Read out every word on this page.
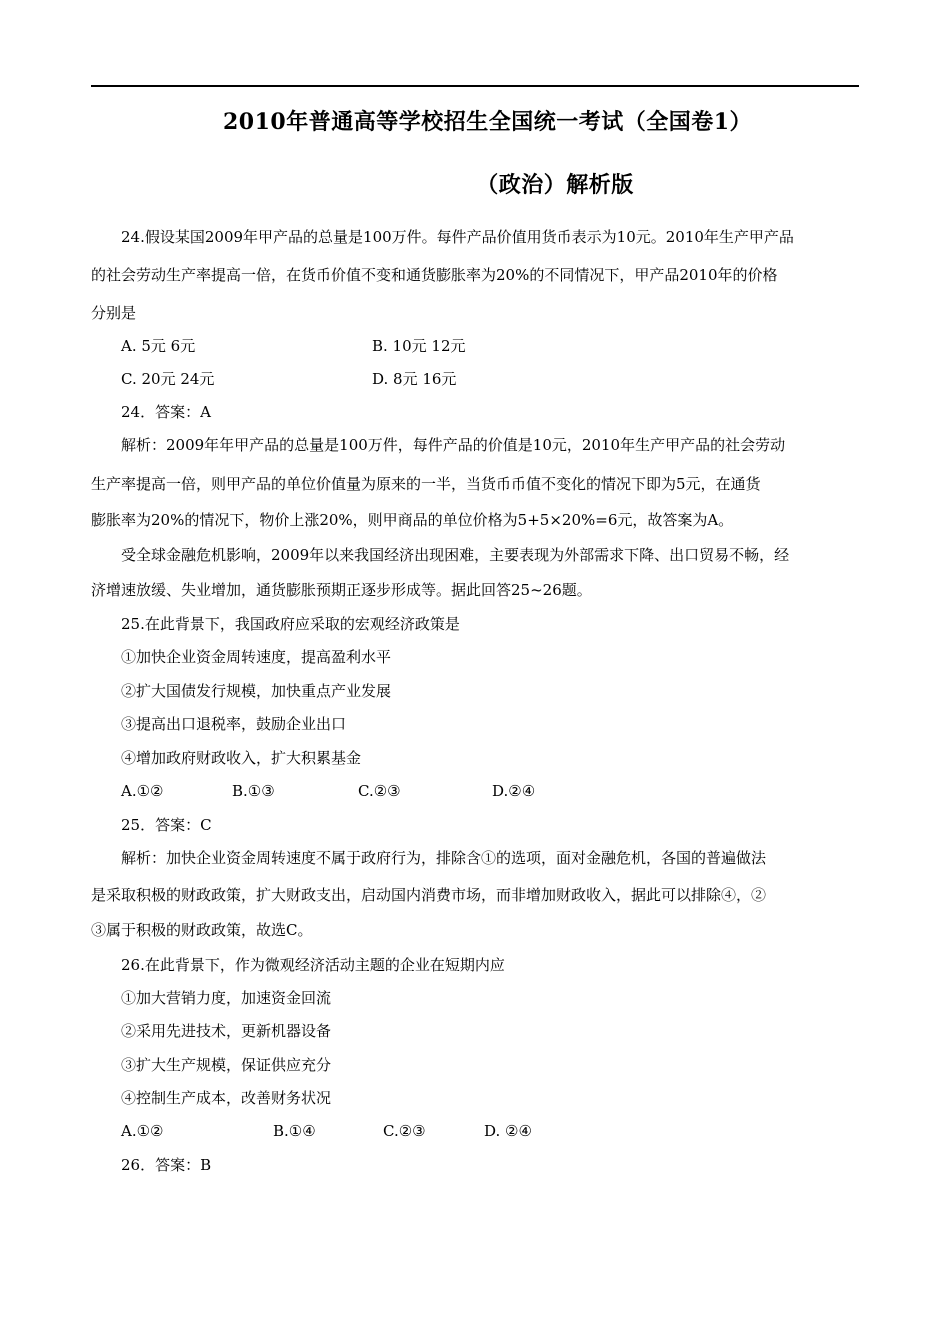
2010年普通高等学校招生全国统一考试（全国卷1）
（政治）解析版
24.假设某国2009年甲产品的总量是100万件。每件产品价值用货币表示为10元。2010年生产甲产品
的社会劳动生产率提高一倍，在货币价值不变和通货膨胀率为20%的不同情况下，甲产品2010年的价格
分别是
A. 5元 6元	B. 10元 12元
C. 20元 24元	D. 8元 16元
24．答案：A
解析：2009年年甲产品的总量是100万件，每件产品的价值是10元，2010年生产甲产品的社会劳动
生产率提高一倍，则甲产品的单位价值量为原来的一半，当货币币值不变化的情况下即为5元，在通货
膨胀率为20%的情况下，物价上涨20%，则甲商品的单位价格为5+5×20%=6元，故答案为A。
受全球金融危机影响，2009年以来我国经济出现困难，主要表现为外部需求下降、出口贸易不畅，经
济增速放缓、失业增加，通货膨胀预期正逐步形成等。据此回答25~26题。
25.在此背景下，我国政府应采取的宏观经济政策是
①加快企业资金周转速度，提高盈利水平
②扩大国债发行规模，加快重点产业发展
③提高出口退税率，鼓励企业出口
④增加政府财政收入，扩大积累基金
A.①②	B.①③	C.②③	D.②④
25．答案：C
解析：加快企业资金周转速度不属于政府行为，排除含①的选项，面对金融危机，各国的普遍做法
是采取积极的财政政策，扩大财政支出，启动国内消费市场，而非增加财政收入，据此可以排除④，②
③属于积极的财政政策，故选C。
26.在此背景下，作为微观经济活动主题的企业在短期内应
①加大营销力度，加速资金回流
②采用先进技术，更新机器设备
③扩大生产规模，保证供应充分
④控制生产成本，改善财务状况
A.①②	B.①④	C.②③	D. ②④
26．答案：B
